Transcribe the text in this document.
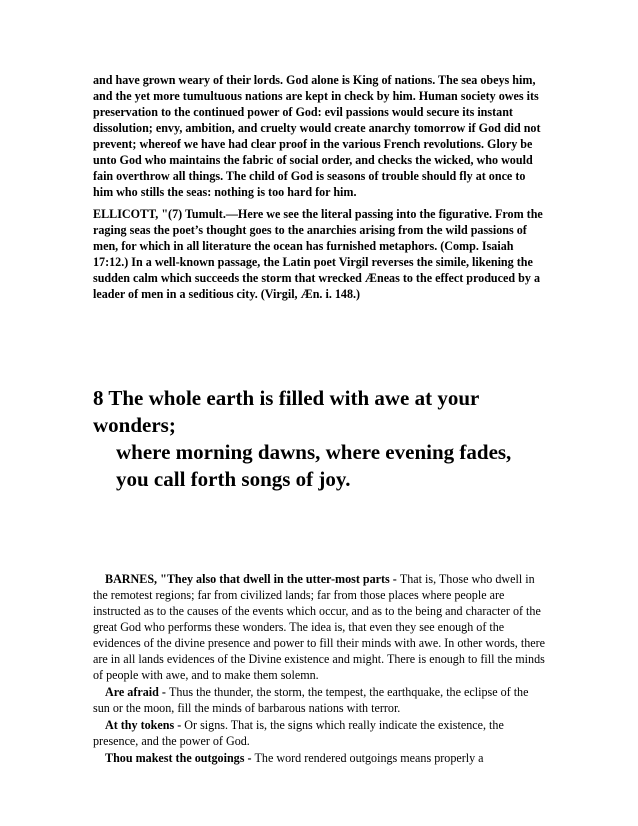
and have grown weary of their lords. God alone is King of nations. The sea obeys him, and the yet more tumultuous nations are kept in check by him. Human society owes its preservation to the continued power of God: evil passions would secure its instant dissolution; envy, ambition, and cruelty would create anarchy tomorrow if God did not prevent; whereof we have had clear proof in the various French revolutions. Glory be unto God who maintains the fabric of social order, and checks the wicked, who would fain overthrow all things. The child of God is seasons of trouble should fly at once to him who stills the seas: nothing is too hard for him.

ELLICOTT, "(7) Tumult.—Here we see the literal passing into the figurative. From the raging seas the poet’s thought goes to the anarchies arising from the wild passions of men, for which in all literature the ocean has furnished metaphors. (Comp. Isaiah 17:12.) In a well-known passage, the Latin poet Virgil reverses the simile, likening the sudden calm which succeeds the storm that wrecked Æneas to the effect produced by a leader of men in a seditious city. (Virgil, Æn. i. 148.)

8 The whole earth is filled with awe at your
wonders;
where morning dawns, where evening fades,
you call forth songs of joy.

BARNES, "They also that dwell in the utter-most parts - That is, Those who dwell in the remotest regions; far from civilized lands; far from those places where people are instructed as to the causes of the events which occur, and as to the being and character of the great God who performs these wonders. The idea is, that even they see enough of the evidences of the divine presence and power to fill their minds with awe. In other words, there are in all lands evidences of the Divine existence and might. There is enough to fill the minds of people with awe, and to make them solemn.

Are afraid - Thus the thunder, the storm, the tempest, the earthquake, the eclipse of the sun or the moon, fill the minds of barbarous nations with terror.

At thy tokens - Or signs. That is, the signs which really indicate the existence, the presence, and the power of God.

Thou makest the outgoings - The word rendered outgoings means properly a
